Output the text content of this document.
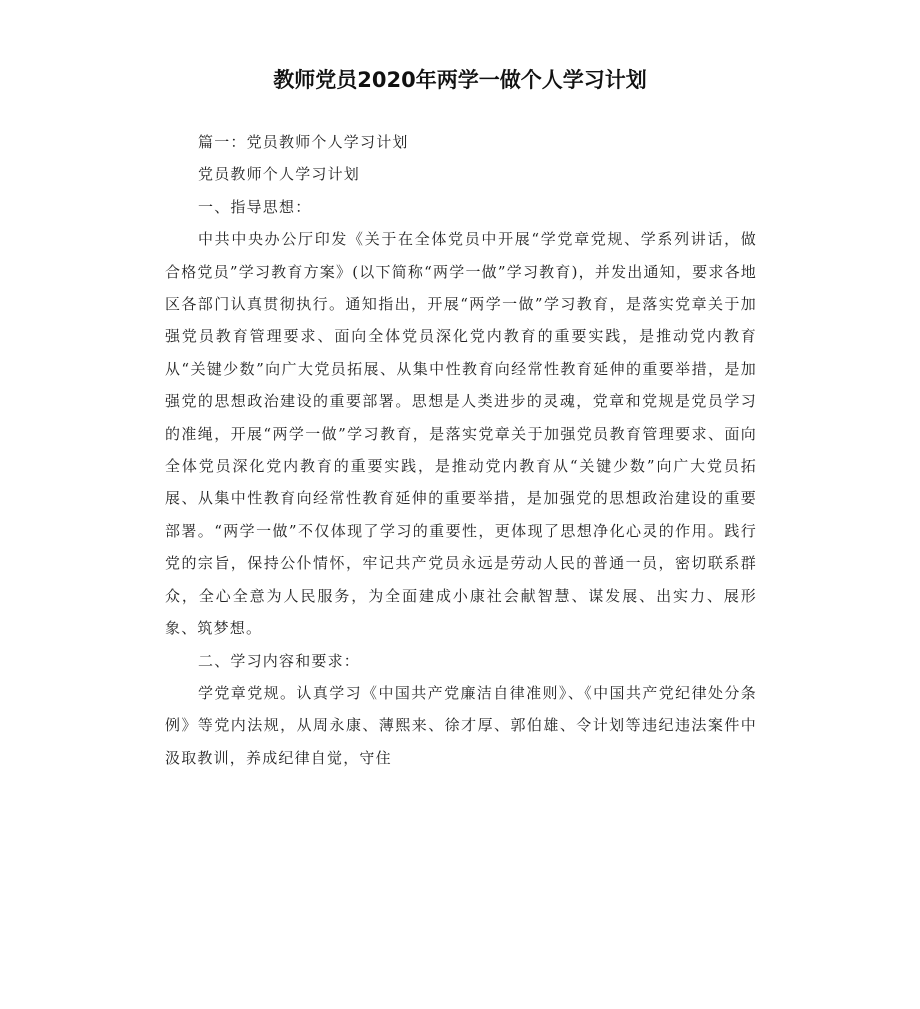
教师党员2020年两学一做个人学习计划

篇一：党员教师个人学习计划

党员教师个人学习计划

一、指导思想：

中共中央办公厅印发《关于在全体党员中开展“学党章党规、学系列讲话，做合格党员”学习教育方案》(以下简称“两学一做”学习教育)，并发出通知，要求各地区各部门认真贯彻执行。通知指出，开展“两学一做”学习教育，是落实党章关于加强党员教育管理要求、面向全体党员深化党内教育的重要实践，是推动党内教育从“关键少数”向广大党员拓展、从集中性教育向经常性教育延伸的重要举措，是加强党的思想政治建设的重要部署。思想是人类进步的灵魂，党章和党规是党员学习的准绳，开展“两学一做”学习教育，是落实党章关于加强党员教育管理要求、面向全体党员深化党内教育的重要实践，是推动党内教育从“关键少数”向广大党员拓展、从集中性教育向经常性教育延伸的重要举措，是加强党的思想政治建设的重要部署。“两学一做”不仅体现了学习的重要性，更体现了思想净化心灵的作用。践行党的宗旨，保持公仆情怀，牢记共产党员永远是劳动人民的普通一员，密切联系群众，全心全意为人民服务，为全面建成小康社会献智慧、谋发展、出实力、展形象、筑梦想。

二、学习内容和要求：

学党章党规。认真学习《中国共产党廉洁自律准则》、《中国共产党纪律处分条例》等党内法规，从周永康、薄熙来、徐才厚、郭伯雄、令计划等违纪违法案件中汲取教训，养成纪律自觉，守住
